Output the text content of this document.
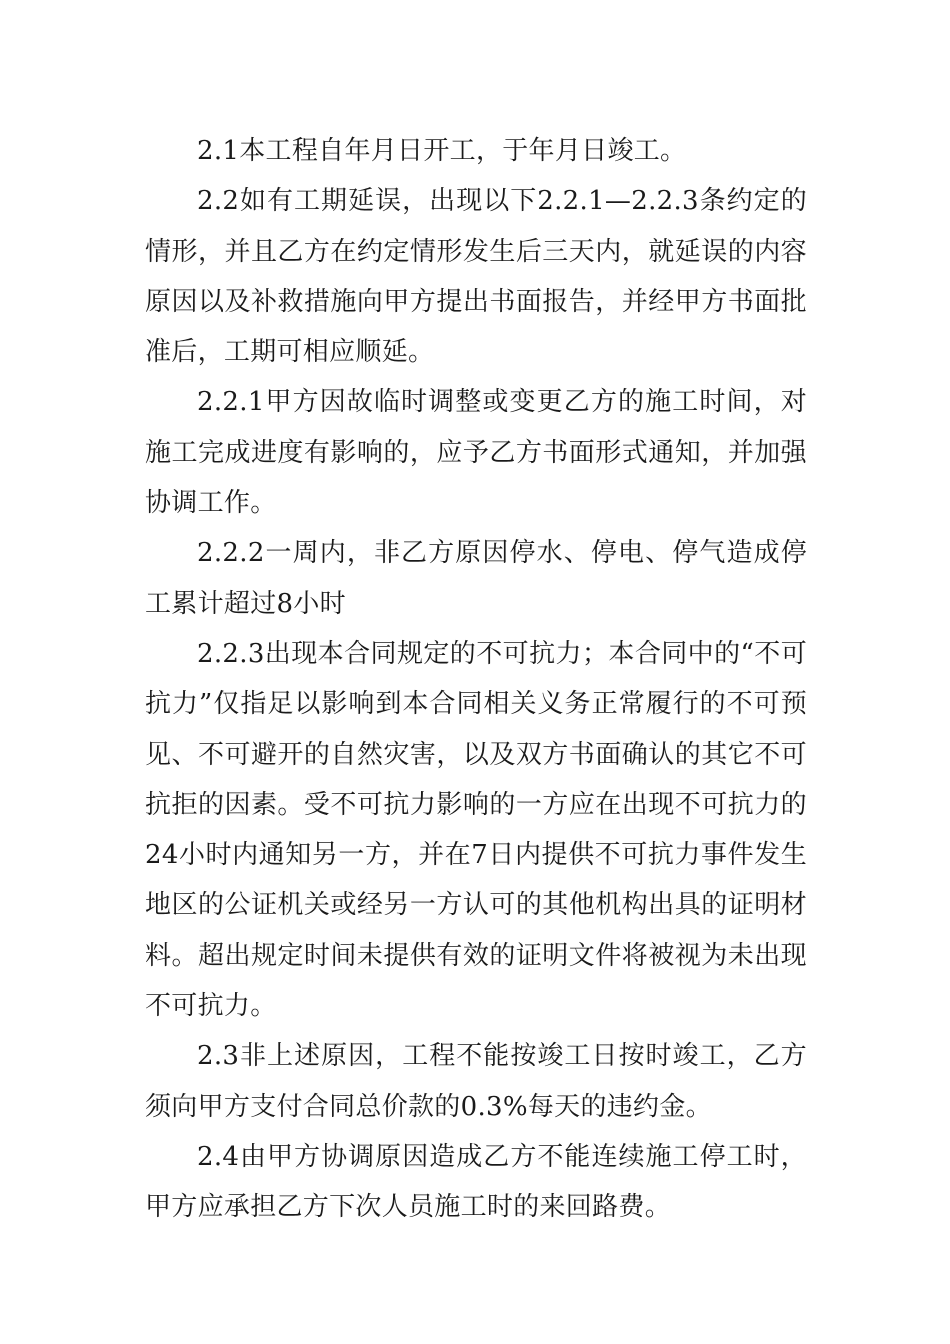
2.1本工程自年月日开工，于年月日竣工。

2.2如有工期延误，出现以下2.2.1—2.2.3条约定的情形，并且乙方在约定情形发生后三天内，就延误的内容原因以及补救措施向甲方提出书面报告，并经甲方书面批准后，工期可相应顺延。

2.2.1甲方因故临时调整或变更乙方的施工时间，对施工完成进度有影响的，应予乙方书面形式通知，并加强协调工作。

2.2.2一周内，非乙方原因停水、停电、停气造成停工累计超过8小时

2.2.3出现本合同规定的不可抗力；本合同中的“不可抗力”仅指足以影响到本合同相关义务正常履行的不可预见、不可避开的自然灾害，以及双方书面确认的其它不可抗拒的因素。受不可抗力影响的一方应在出现不可抗力的24小时内通知另一方，并在7日内提供不可抗力事件发生地区的公证机关或经另一方认可的其他机构出具的证明材料。超出规定时间未提供有效的证明文件将被视为未出现不可抗力。

2.3非上述原因，工程不能按竣工日按时竣工，乙方须向甲方支付合同总价款的0.3%每天的违约金。

2.4由甲方协调原因造成乙方不能连续施工停工时，甲方应承担乙方下次人员施工时的来回路费。
